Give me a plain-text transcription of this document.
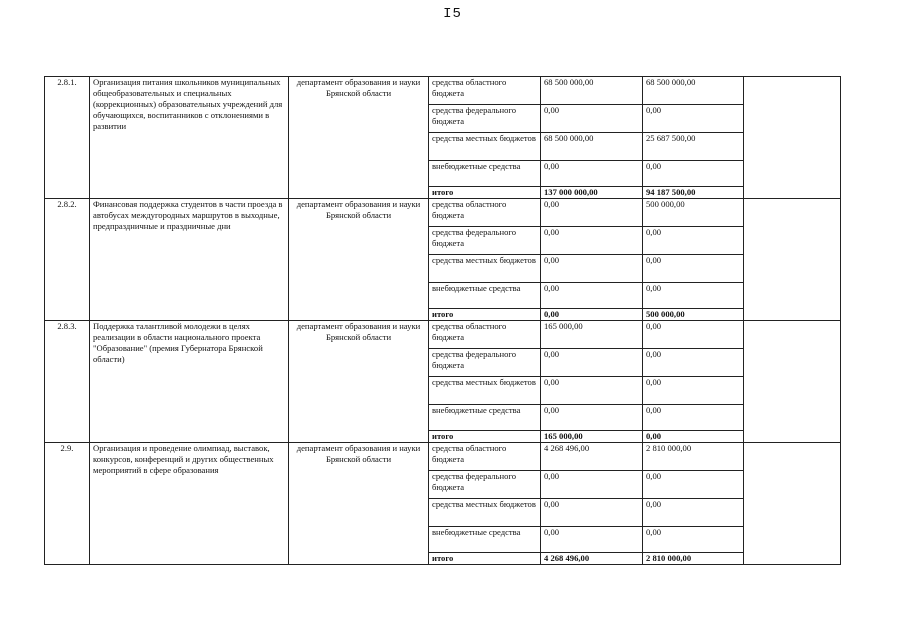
I5
2.8.1.	Организация питания школьников муниципальных общеобразовательных и специальных (коррекционных) образовательных учреждений для обучающихся, воспитанников с отклонениями в развитии	департамент образования и науки Брянской области	средства областного бюджета	68 500 000,00	68 500 000,00	
			средства федерального бюджета	0,00	0,00	
			средства местных бюджетов	68 500 000,00	25 687 500,00	
			внебюджетные средства	0,00	0,00	
			итого	137 000 000,00	94 187 500,00	
2.8.2.	Финансовая поддержка студентов в части проезда в автобусах междугородных маршрутов в выходные, предпраздничные и праздничные дни	департамент образования и науки Брянской области	средства областного бюджета	0,00	500 000,00	
			средства федерального бюджета	0,00	0,00	
			средства местных бюджетов	0,00	0,00	
			внебюджетные средства	0,00	0,00	
			итого	0,00	500 000,00	
2.8.3.	Поддержка талантливой молодежи в целях реализации в области национального проекта "Образование" (премия Губернатора Брянской области)	департамент образования и науки Брянской области	средства областного бюджета	165 000,00	0,00	
			средства федерального бюджета	0,00	0,00	
			средства местных бюджетов	0,00	0,00	
			внебюджетные средства	0,00	0,00	
			итого	165 000,00	0,00	
2.9.	Организация и проведение олимпиад, выставок, конкурсов, конференций и других общественных мероприятий в сфере образования	департамент образования и науки Брянской области	средства областного бюджета	4 268 496,00	2 810 000,00	
			средства федерального бюджета	0,00	0,00	
			средства местных бюджетов	0,00	0,00	
			внебюджетные средства	0,00	0,00	
			итого	4 268 496,00	2 810 000,00	
